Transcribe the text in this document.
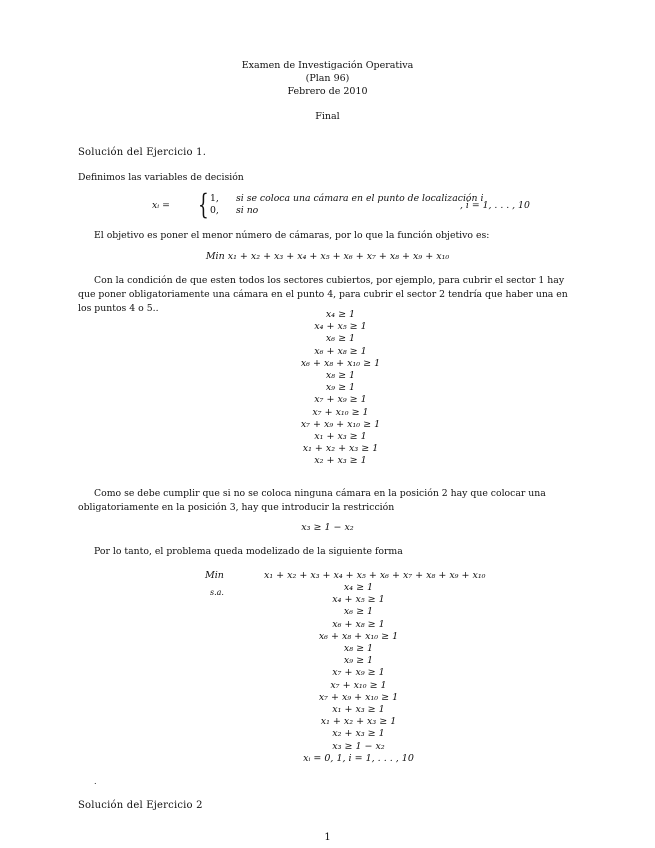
Examen de Investigación Operativa
(Plan 96)
Febrero de 2010
Final
Solución del Ejercicio 1.
Definimos las variables de decisión
xᵢ = { 1, si se coloca una cámara en el punto de localización i
0, si no	, i = 1, . . . , 10
El objetivo es poner el menor número de cámaras, por lo que la función objetivo es:
Min x₁ + x₂ + x₃ + x₄ + x₅ + x₆ + x₇ + x₈ + x₉ + x₁₀
Con la condición de que esten todos los sectores cubiertos, por ejemplo, para cubrir el sector 1 hay que poner obligatoriamente una cámara en el punto 4, para cubrir el sector 2 tendría que haber una en los puntos 4 o 5..
x₄ ≥ 1
x₄ + x₅ ≥ 1
x₆ ≥ 1
x₆ + x₈ ≥ 1
x₆ + x₈ + x₁₀ ≥ 1
x₈ ≥ 1
x₉ ≥ 1
x₇ + x₉ ≥ 1
x₇ + x₁₀ ≥ 1
x₇ + x₉ + x₁₀ ≥ 1
x₁ + x₃ ≥ 1
x₁ + x₂ + x₃ ≥ 1
x₂ + x₃ ≥ 1
Como se debe cumplir que si no se coloca ninguna cámara en la posición 2 hay que colocar una obligatoriamente en la posición 3, hay que introducir la restricción
x₃ ≥ 1 − x₂
Por lo tanto, el problema queda modelizado de la siguiente forma
Min	x₁ + x₂ + x₃ + x₄ + x₅ + x₆ + x₇ + x₈ + x₉ + x₁₀
s.a.	x₄ ≥ 1
x₄ + x₅ ≥ 1
x₆ ≥ 1
x₆ + x₈ ≥ 1
x₆ + x₈ + x₁₀ ≥ 1
x₈ ≥ 1
x₉ ≥ 1
x₇ + x₉ ≥ 1
x₇ + x₁₀ ≥ 1
x₇ + x₉ + x₁₀ ≥ 1
x₁ + x₃ ≥ 1
x₁ + x₂ + x₃ ≥ 1
x₂ + x₃ ≥ 1
x₃ ≥ 1 − x₂
xᵢ = 0, 1, i = 1, . . . , 10
.
Solución del Ejercicio 2
1
